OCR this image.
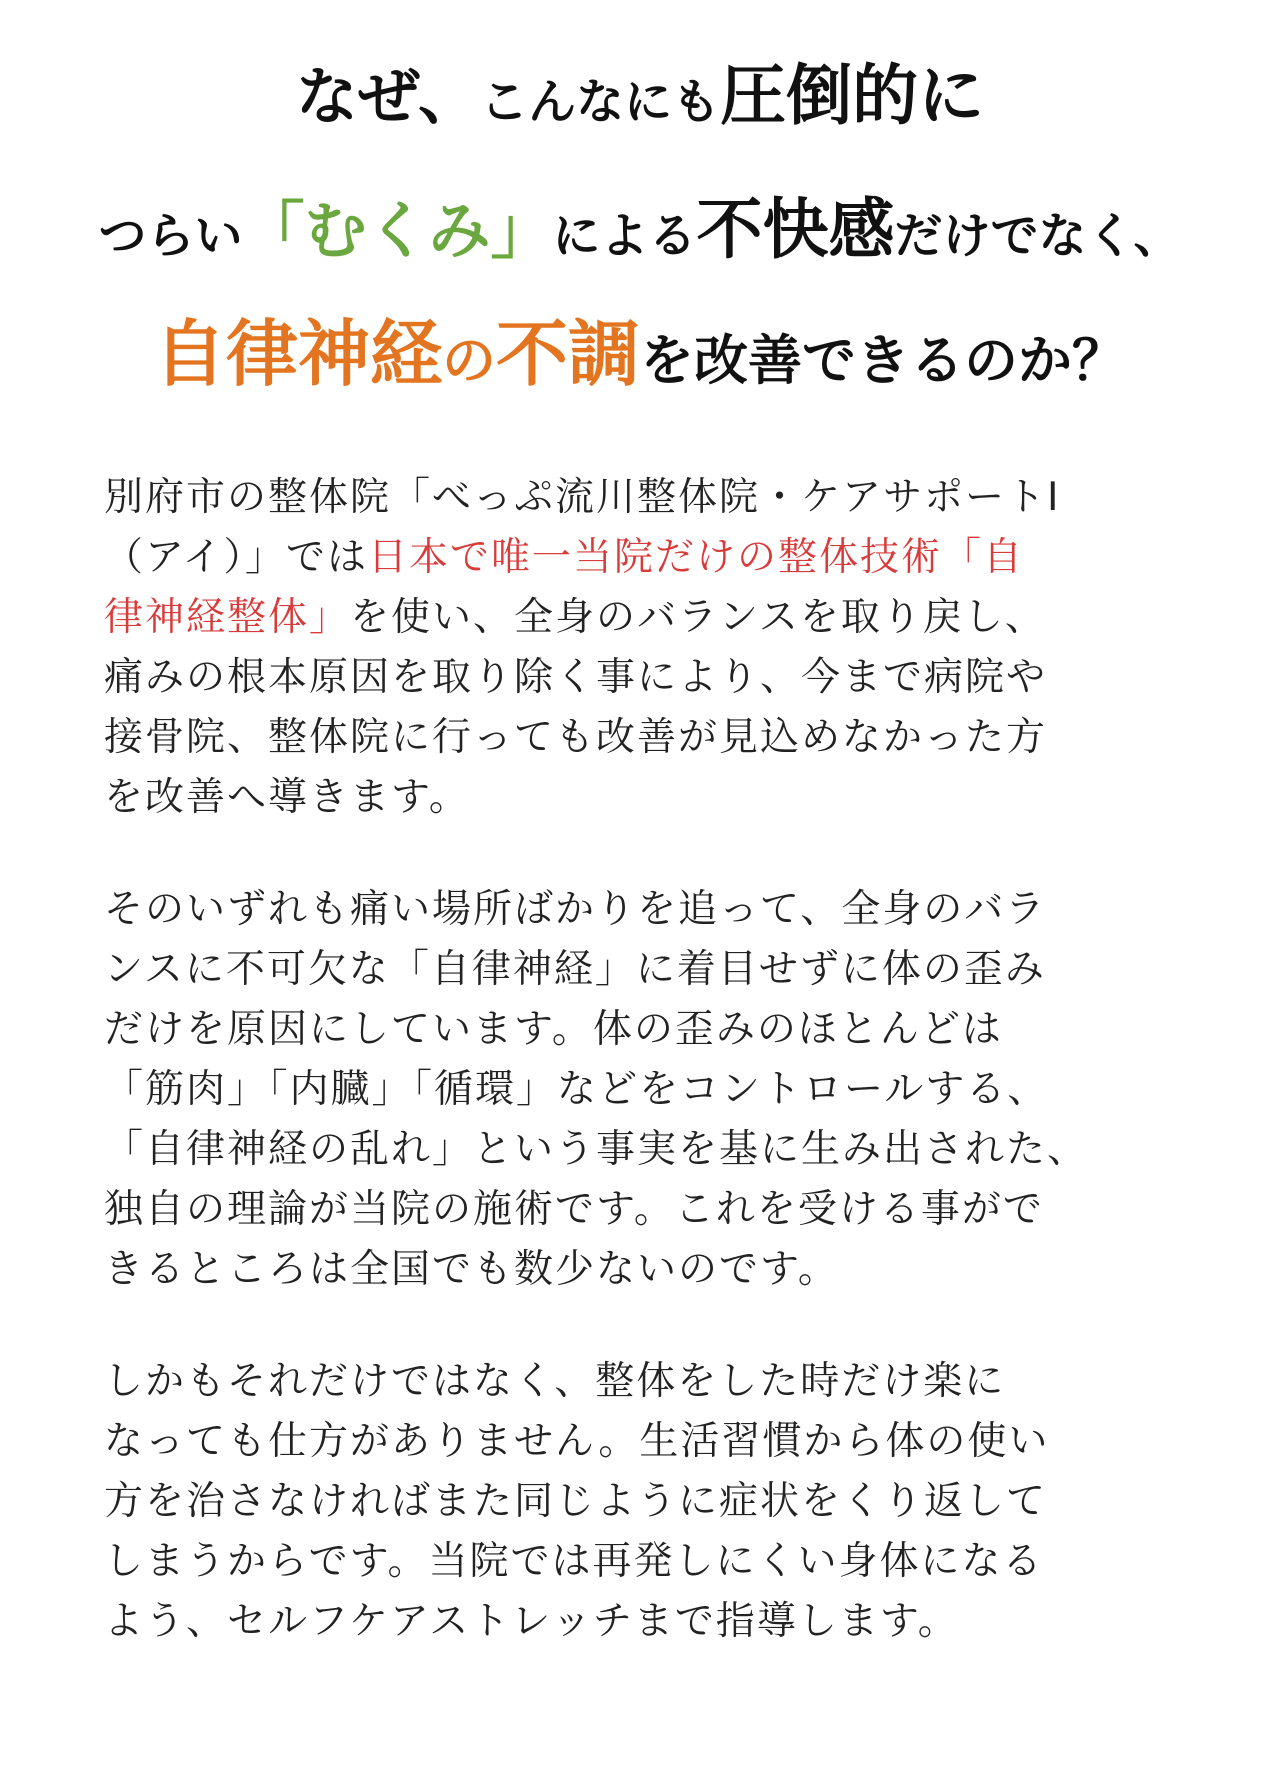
なぜ、こんなにも圧倒的に
つらい「むくみ」による不快感だけでなく、
自律神経の不調を改善できるのか？
別府市の整体院「べっぷ流川整体院・ケアサポートI
（アイ）」では日本で唯一当院だけの整体技術「自
律神経整体」を使い、全身のバランスを取り戻し、
痛みの根本原因を取り除く事により、今まで病院や
接骨院、整体院に行っても改善が見込めなかった方
を改善へ導きます。
そのいずれも痛い場所ばかりを追って、全身のバラ
ンスに不可欠な「自律神経」に着目せずに体の歪み
だけを原因にしています。体の歪みのほとんどは
「筋肉」「内臓」「循環」などをコントロールする、
「自律神経の乱れ」という事実を基に生み出された、
独自の理論が当院の施術です。これを受ける事がで
きるところは全国でも数少ないのです。
しかもそれだけではなく、整体をした時だけ楽に
なっても仕方がありません。生活習慣から体の使い
方を治さなければまた同じように症状をくり返して
しまうからです。当院では再発しにくい身体になる
よう、セルフケアストレッチまで指導します。
